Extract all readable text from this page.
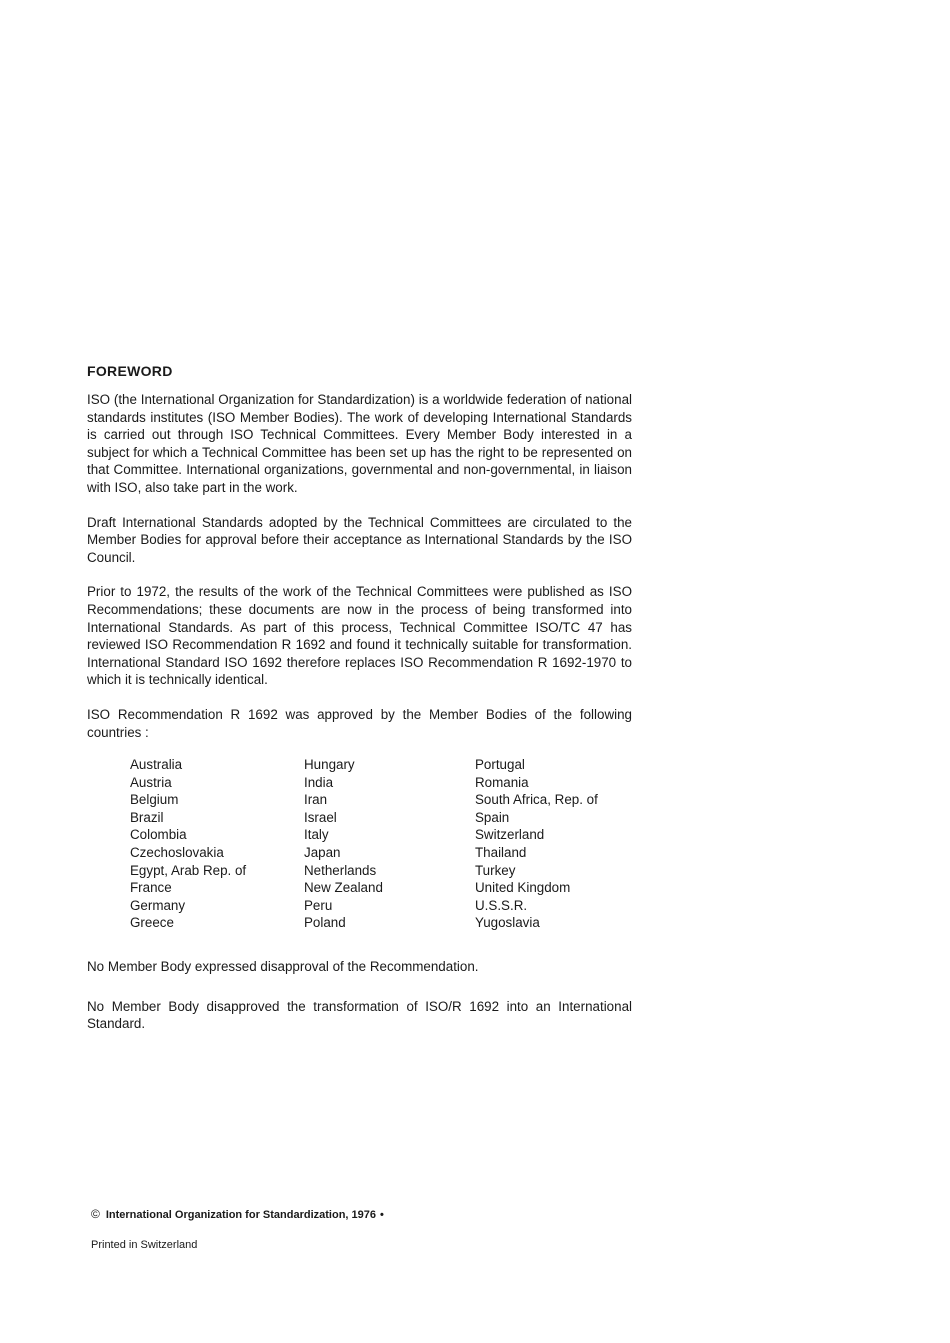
FOREWORD

ISO (the International Organization for Standardization) is a worldwide federation of national standards institutes (ISO Member Bodies). The work of developing International Standards is carried out through ISO Technical Committees. Every Member Body interested in a subject for which a Technical Committee has been set up has the right to be represented on that Committee. International organizations, governmental and non-governmental, in liaison with ISO, also take part in the work.

Draft International Standards adopted by the Technical Committees are circulated to the Member Bodies for approval before their acceptance as International Standards by the ISO Council.

Prior to 1972, the results of the work of the Technical Committees were published as ISO Recommendations; these documents are now in the process of being transformed into International Standards. As part of this process, Technical Committee ISO/TC 47 has reviewed ISO Recommendation R 1692 and found it technically suitable for transformation. International Standard ISO 1692 therefore replaces ISO Recommendation R 1692-1970 to which it is technically identical.

ISO Recommendation R 1692 was approved by the Member Bodies of the following countries :

Australia
Austria
Belgium
Brazil
Colombia
Czechoslovakia
Egypt, Arab Rep. of
France
Germany
Greece
Hungary
India
Iran
Israel
Italy
Japan
Netherlands
New Zealand
Peru
Poland
Portugal
Romania
South Africa, Rep. of
Spain
Switzerland
Thailand
Turkey
United Kingdom
U.S.S.R.
Yugoslavia

No Member Body expressed disapproval of the Recommendation.

No Member Body disapproved the transformation of ISO/R 1692 into an International Standard.

© International Organization for Standardization, 1976 •
Printed in Switzerland
